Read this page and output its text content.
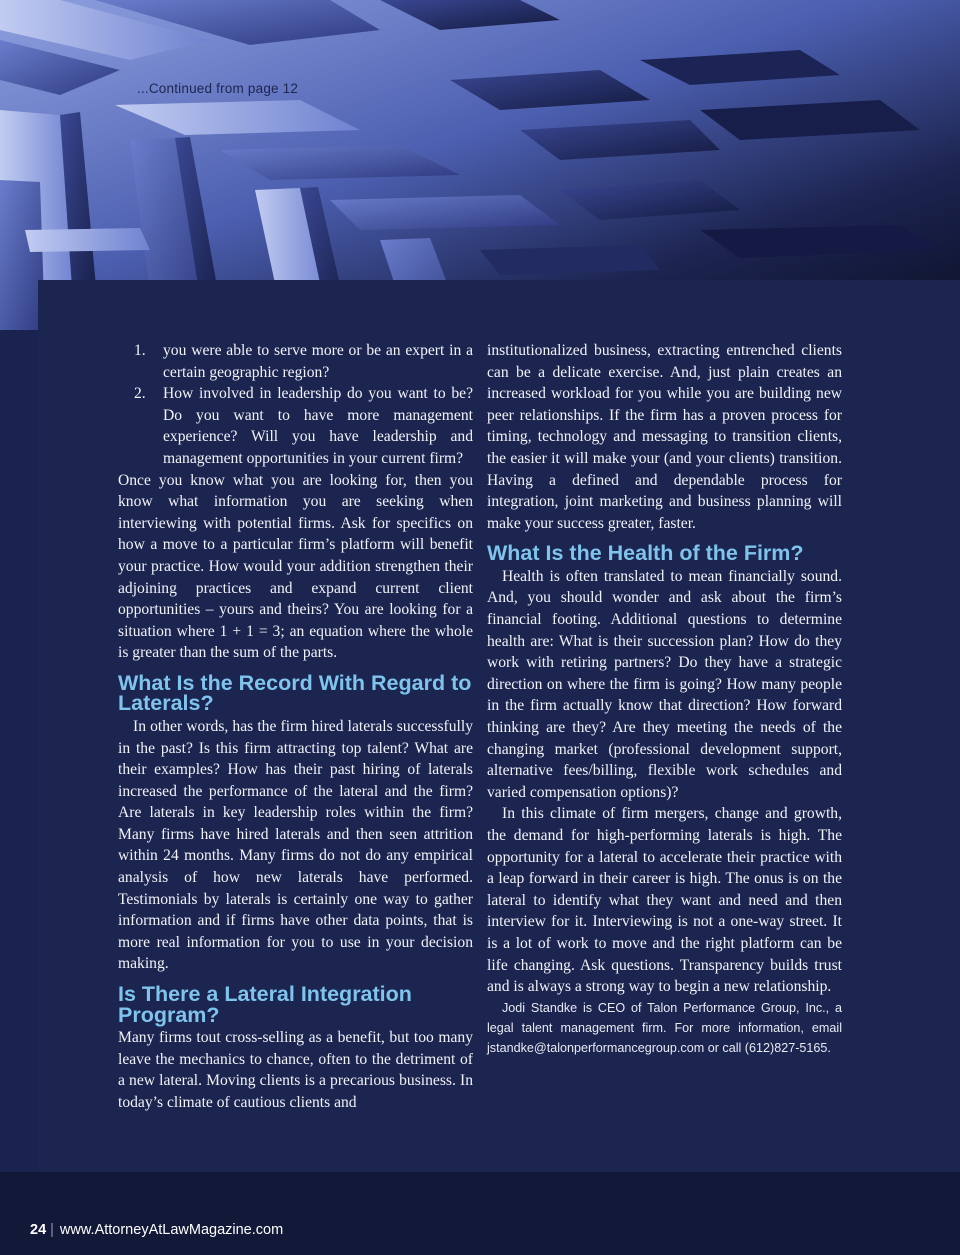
...Continued from page 12
1. you were able to serve more or be an expert in a certain geographic region?
2. How involved in leadership do you want to be? Do you want to have more management experience? Will you have leadership and management opportunities in your current firm?

Once you know what you are looking for, then you know what information you are seeking when interviewing with potential firms. Ask for specifics on how a move to a particular firm’s platform will benefit your practice. How would your addition strengthen their adjoining practices and expand current client opportunities – yours and theirs? You are looking for a situation where 1 + 1 = 3; an equation where the whole is greater than the sum of the parts.

What Is the Record With Regard to Laterals?

In other words, has the firm hired laterals successfully in the past? Is this firm attracting top talent? What are their examples? How has their past hiring of laterals increased the performance of the lateral and the firm? Are laterals in key leadership roles within the firm? Many firms have hired laterals and then seen attrition within 24 months. Many firms do not do any empirical analysis of how new laterals have performed. Testimonials by laterals is certainly one way to gather information and if firms have other data points, that is more real information for you to use in your decision making.

Is There a Lateral Integration Program?

Many firms tout cross-selling as a benefit, but too many leave the mechanics to chance, often to the detriment of a new lateral. Moving clients is a precarious business. In today’s climate of cautious clients and

institutionalized business, extracting entrenched clients can be a delicate exercise. And, just plain creates an increased workload for you while you are building new peer relationships. If the firm has a proven process for timing, technology and messaging to transition clients, the easier it will make your (and your clients) transition. Having a defined and dependable process for integration, joint marketing and business planning will make your success greater, faster.

What Is the Health of the Firm?

Health is often translated to mean financially sound. And, you should wonder and ask about the firm’s financial footing. Additional questions to determine health are: What is their succession plan? How do they work with retiring partners? Do they have a strategic direction on where the firm is going? How many people in the firm actually know that direction? How forward thinking are they? Are they meeting the needs of the changing market (professional development support, alternative fees/billing, flexible work schedules and varied compensation options)?

In this climate of firm mergers, change and growth, the demand for high-performing laterals is high. The opportunity for a lateral to accelerate their practice with a leap forward in their career is high. The onus is on the lateral to identify what they want and need and then interview for it. Interviewing is not a one-way street. It is a lot of work to move and the right platform can be life changing. Ask questions. Transparency builds trust and is always a strong way to begin a new relationship.

Jodi Standke is CEO of Talon Performance Group, Inc., a legal talent management firm. For more information, email jstandke@talonperformancegroup.com or call (612)827-5165.

24 | www.AttorneyAtLawMagazine.com
